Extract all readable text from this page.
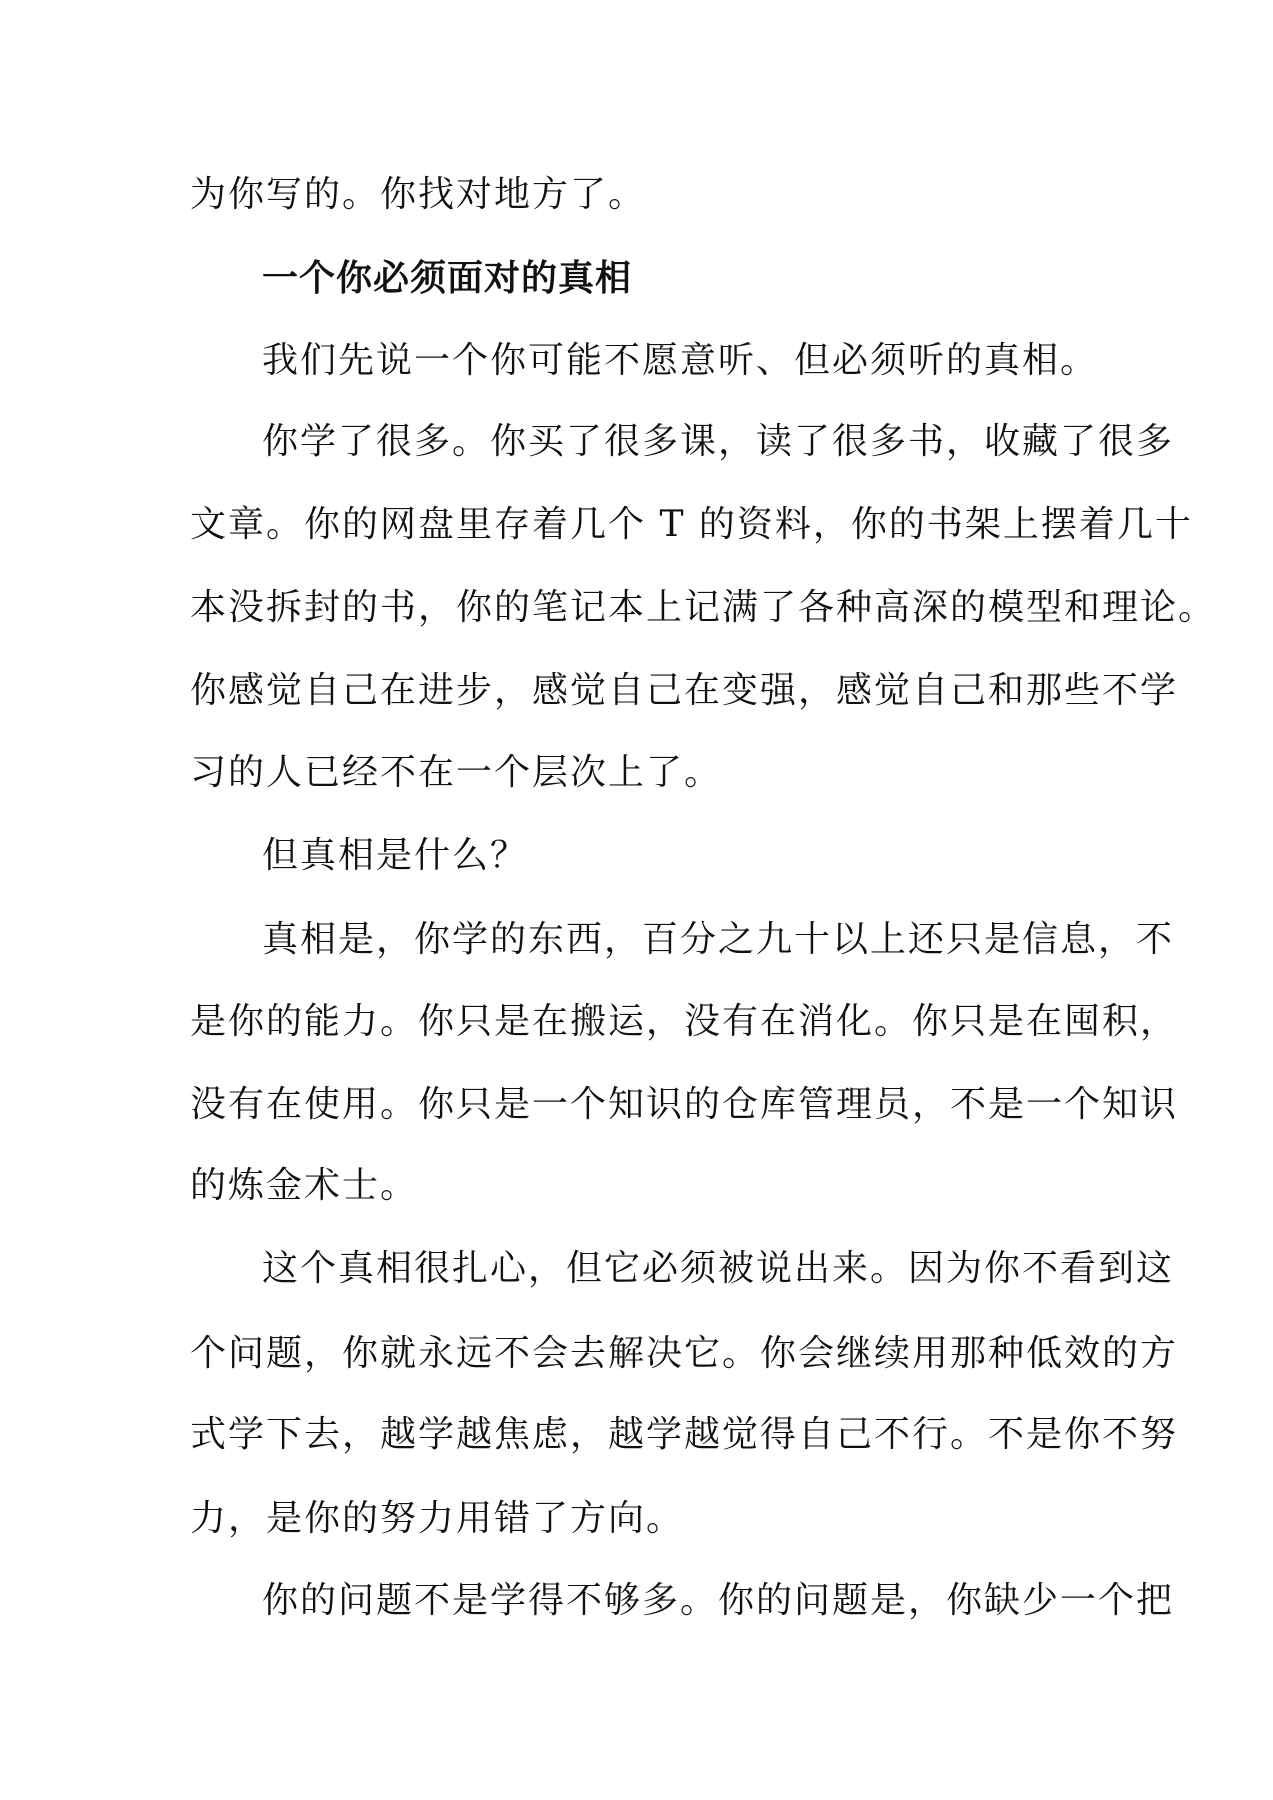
为你写的。你找对地方了。
一个你必须面对的真相
我们先说一个你可能不愿意听、但必须听的真相。
你学了很多。你买了很多课，读了很多书，收藏了很多
文章。你的网盘里存着几个 T 的资料，你的书架上摆着几十
本没拆封的书，你的笔记本上记满了各种高深的模型和理论。
你感觉自己在进步，感觉自己在变强，感觉自己和那些不学
习的人已经不在一个层次上了。
但真相是什么？
真相是，你学的东西，百分之九十以上还只是信息，不
是你的能力。你只是在搬运，没有在消化。你只是在囤积，
没有在使用。你只是一个知识的仓库管理员，不是一个知识
的炼金术士。
这个真相很扎心，但它必须被说出来。因为你不看到这
个问题，你就永远不会去解决它。你会继续用那种低效的方
式学下去，越学越焦虑，越学越觉得自己不行。不是你不努
力，是你的努力用错了方向。
你的问题不是学得不够多。你的问题是，你缺少一个把
